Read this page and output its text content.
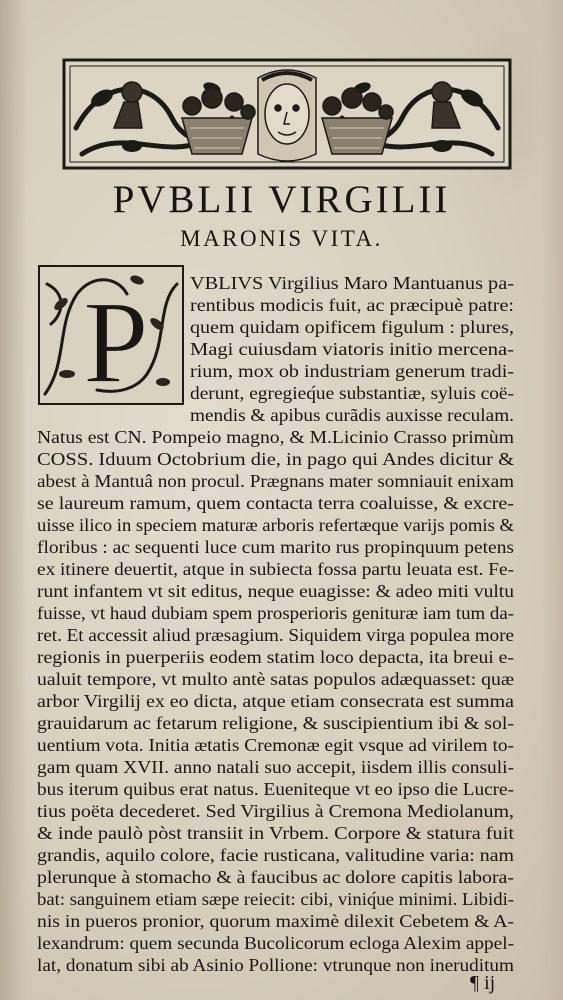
PVBLII VIRGILII
MARONIS VITA.
P VBLIVS Virgilius Maro Mantuanus pa-
rentibus modicis fuit, ac præcipuè patre:
quem quidam opificem figulum : plures,
Magi cuiusdam viatoris initio mercena-
rium, mox ob industriam generum tradi-
derunt, egregieq́ue substantiæ, syluis coë-
mendis & apibus curãdis auxisse reculam.
Natus est CN. Pompeio magno, & M.Licinio Crasso primùm
COSS. Iduum Octobrium die, in pago qui Andes dicitur &
abest à Mantuâ non procul. Prægnans mater somniauit enixam
se laureum ramum, quem contacta terra coaluisse, & excre-
uisse ilico in speciem maturæ arboris refertæque varijs pomis &
floribus : ac sequenti luce cum marito rus propinquum petens
ex itinere deuertit, atque in subiecta fossa partu leuata est. Fe-
runt infantem vt sit editus, neque euagisse: & adeo miti vultu
fuisse, vt haud dubiam spem prosperioris genituræ iam tum da-
ret. Et accessit aliud præsagium. Siquidem virga populea more
regionis in puerperiis eodem statim loco depacta, ita breui e-
ualuit tempore, vt multo antè satas populos adæquasset: quæ
arbor Virgilij ex eo dicta, atque etiam consecrata est summa
grauidarum ac fetarum religione, & suscipientium ibi & sol-
uentium vota. Initia ætatis Cremonæ egit vsque ad virilem to-
gam quam XVII. anno natali suo accepit, iisdem illis consuli-
bus iterum quibus erat natus. Eueniteque vt eo ipso die Lucre-
tius poëta decederet. Sed Virgilius à Cremona Mediolanum,
& inde paulò pòst transiit in Vrbem. Corpore & statura fuit
grandis, aquilo colore, facie rusticana, valitudine varia: nam
plerunque à stomacho & à faucibus ac dolore capitis labora-
bat: sanguinem etiam sæpe reiecit: cibi, viniq́ue minimi. Libidi-
nis in pueros pronior, quorum maximè dilexit Cebetem & A-
lexandrum: quem secunda Bucolicorum ecloga Alexim appel-
lat, donatum sibi ab Asinio Pollione: vtrunque non ineruditum
¶ ij
